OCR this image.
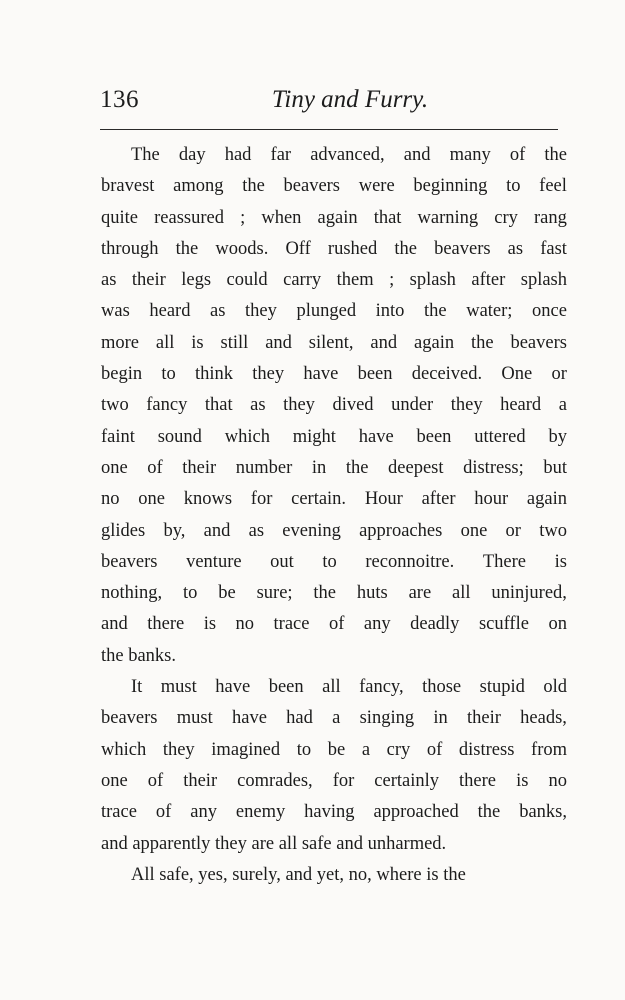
136	Tiny and Furry.
The day had far advanced, and many of the
bravest among the beavers were beginning to feel
quite reassured ; when again that warning cry rang
through the woods. Off rushed the beavers as fast
as their legs could carry them ; splash after splash
was heard as they plunged into the water; once
more all is still and silent, and again the beavers
begin to think they have been deceived. One or
two fancy that as they dived under they heard a
faint sound which might have been uttered by
one of their number in the deepest distress; but
no one knows for certain. Hour after hour again
glides by, and as evening approaches one or two
beavers venture out to reconnoitre. There is
nothing, to be sure; the huts are all uninjured,
and there is no trace of any deadly scuffle on
the banks.
It must have been all fancy, those stupid old
beavers must have had a singing in their heads,
which they imagined to be a cry of distress from
one of their comrades, for certainly there is no
trace of any enemy having approached the banks,
and apparently they are all safe and unharmed.
All safe, yes, surely, and yet, no, where is the
